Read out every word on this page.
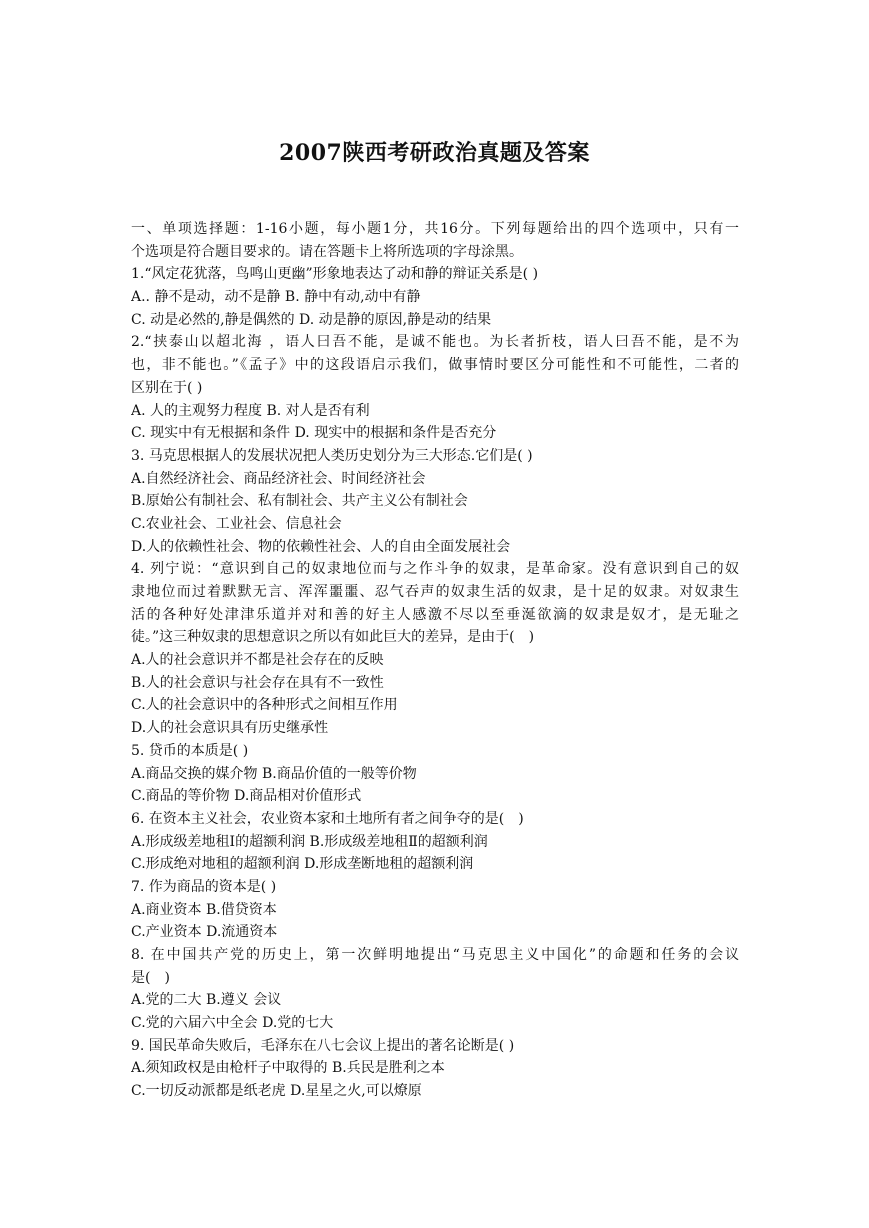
2007陕西考研政治真题及答案
一、单项选择题：1-16小题，每小题1分，共16分。下列每题给出的四个选项中，只有一
个选项是符合题目要求的。请在答题卡上将所选项的字母涂黑。
1.“风定花犹落，鸟鸣山更幽”形象地表达了动和静的辩证关系是( )
A.. 静不是动，动不是静 B. 静中有动,动中有静
C. 动是必然的,静是偶然的 D. 动是静的原因,静是动的结果
2.“挟泰山以超北海 ，语人曰吾不能，是诚不能也。为长者折枝，语人曰吾不能，是不为
也，非不能也。”《孟子》中的这段语启示我们，做事情时要区分可能性和不可能性，二者的
区别在于( )
A. 人的主观努力程度 B. 对人是否有利
C. 现实中有无根据和条件 D. 现实中的根据和条件是否充分
3. 马克思根据人的发展状况把人类历史划分为三大形态.它们是( )
A.自然经济社会、商品经济社会、时间经济社会
B.原始公有制社会、私有制社会、共产主义公有制社会
C.农业社会、工业社会、信息社会
D.人的依赖性社会、物的依赖性社会、人的自由全面发展社会
4. 列宁说：“意识到自己的奴隶地位而与之作斗争的奴隶，是革命家。没有意识到自己的奴
隶地位而过着默默无言、浑浑噩噩、忍气吞声的奴隶生活的奴隶，是十足的奴隶。对奴隶生
活的各种好处津津乐道并对和善的好主人感激不尽以至垂涎欲滴的奴隶是奴才，是无耻之
徒。”这三种奴隶的思想意识之所以有如此巨大的差异，是由于(　)
A.人的社会意识并不都是社会存在的反映
B.人的社会意识与社会存在具有不一致性
C.人的社会意识中的各种形式之间相互作用
D.人的社会意识具有历史继承性
5. 贷币的本质是( )
A.商品交换的媒介物 B.商品价值的一般等价物
C.商品的等价物 D.商品相对价值形式
6. 在资本主义社会，农业资本家和土地所有者之间争夺的是(　)
A.形成级差地租Ⅰ的超额利润 B.形成级差地租Ⅱ的超额利润
C.形成绝对地租的超额利润 D.形成垄断地租的超额利润
7. 作为商品的资本是( )
A.商业资本 B.借贷资本
C.产业资本 D.流通资本
8. 在中国共产党的历史上，第一次鲜明地提出“马克思主义中国化”的命题和任务的会议
是(　)
A.党的二大 B.遵义 会议
C.党的六届六中全会 D.党的七大
9. 国民革命失败后，毛泽东在八七会议上提出的著名论断是( )
A.须知政权是由枪杆子中取得的 B.兵民是胜利之本
C.一切反动派都是纸老虎 D.星星之火,可以燎原
